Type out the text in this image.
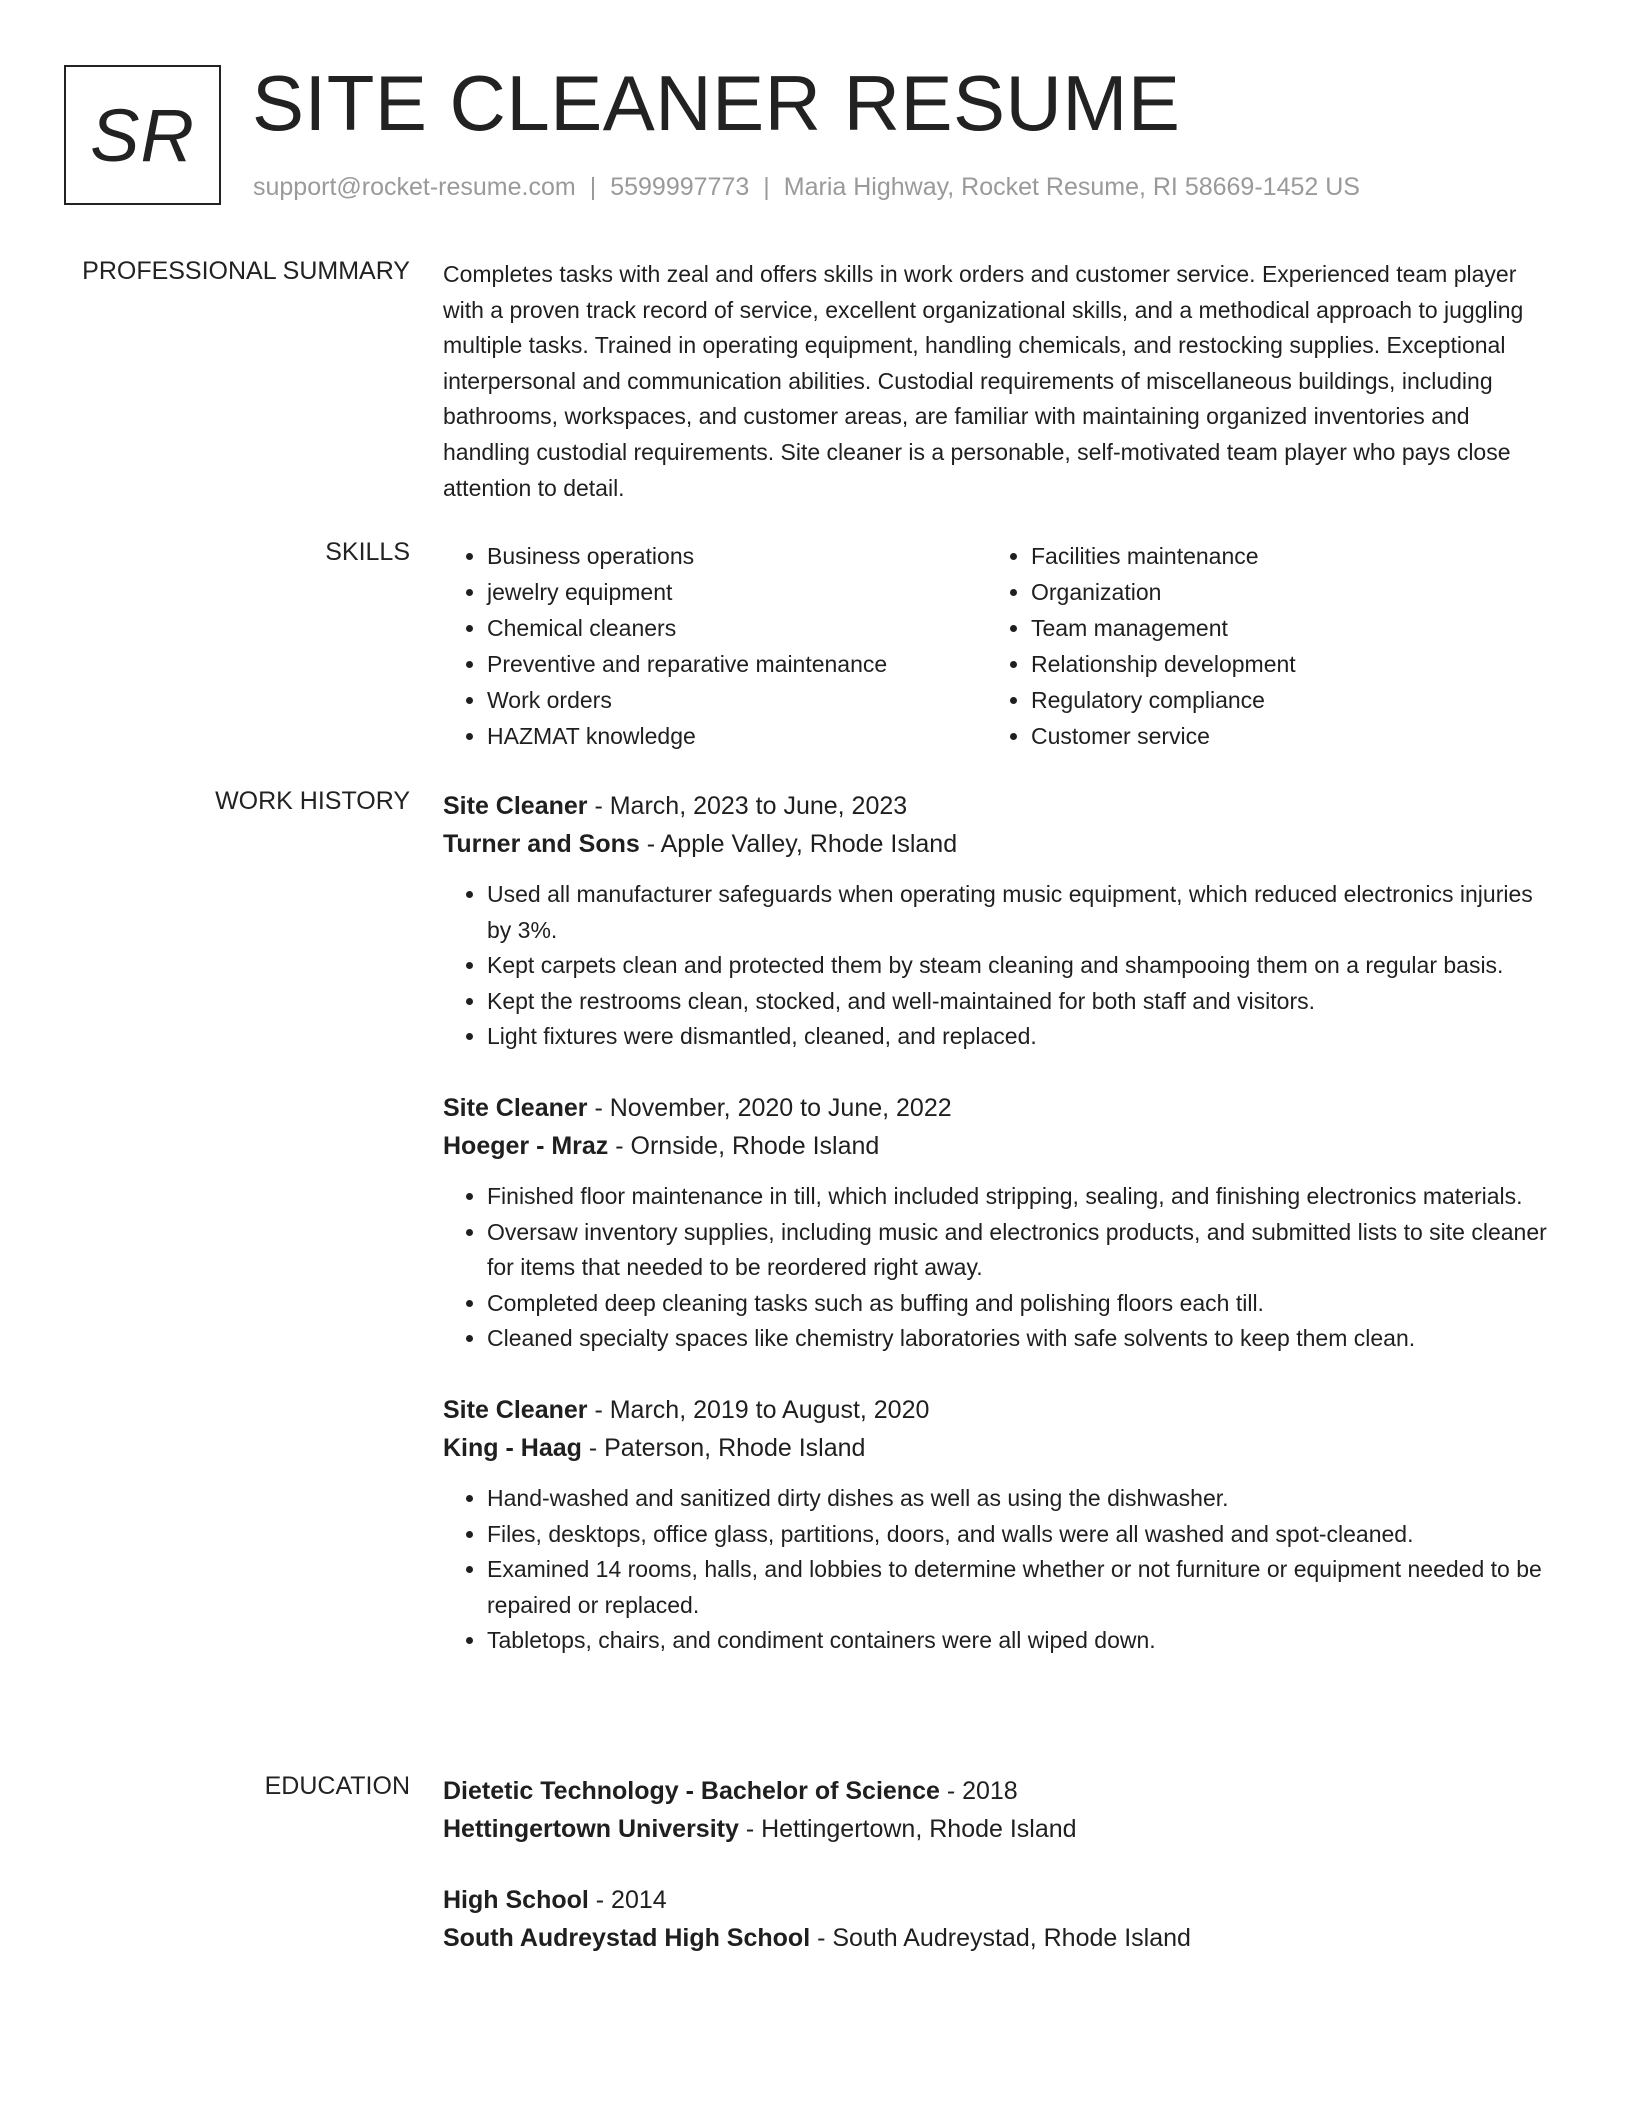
SR SITE CLEANER RESUME
support@rocket-resume.com | 5599997773 | Maria Highway, Rocket Resume, RI 58669-1452 US
PROFESSIONAL SUMMARY Completes tasks with zeal and offers skills in work orders and customer service. Experienced team player with a proven track record of service, excellent organizational skills, and a methodical approach to juggling multiple tasks. Trained in operating equipment, handling chemicals, and restocking supplies. Exceptional interpersonal and communication abilities. Custodial requirements of miscellaneous buildings, including bathrooms, workspaces, and customer areas, are familiar with maintaining organized inventories and handling custodial requirements. Site cleaner is a personable, self-motivated team player who pays close attention to detail.

SKILLS
•	Business operations
• jewelry equipment
• Chemical cleaners
• Preventive and reparative maintenance
• Work orders
• HAZMAT knowledge
• Facilities maintenance
• Organization
• Team management
• Relationship development
• Regulatory compliance
• Customer service
WORK HISTORY Site Cleaner - March, 2023 to June, 2023
Turner and Sons - Apple Valley, Rhode Island
• Used all manufacturer safeguards when operating music equipment, which reduced electronics injuries by 3%.
• Kept carpets clean and protected them by steam cleaning and shampooing them on a regular basis.
• Kept the restrooms clean, stocked, and well-maintained for both staff and visitors.
• Light fixtures were dismantled, cleaned, and replaced.
Site Cleaner - November, 2020 to June, 2022
Hoeger - Mraz - Ornside, Rhode Island
• Finished floor maintenance in till, which included stripping, sealing, and finishing electronics materials.
• Oversaw inventory supplies, including music and electronics products, and submitted lists to site cleaner for items that needed to be reordered right away.
• Completed deep cleaning tasks such as buffing and polishing floors each till.
• Cleaned specialty spaces like chemistry laboratories with safe solvents to keep them clean.
Site Cleaner - March, 2019 to August, 2020
King - Haag - Paterson, Rhode Island
• Hand-washed and sanitized dirty dishes as well as using the dishwasher.
• Files, desktops, office glass, partitions, doors, and walls were all washed and spot-cleaned.
• Examined 14 rooms, halls, and lobbies to determine whether or not furniture or equipment needed to be repaired or replaced.
• Tabletops, chairs, and condiment containers were all wiped down.
EDUCATION Dietetic Technology - Bachelor of Science - 2018
Hettingertown University - Hettingertown, Rhode Island
High School - 2014
South Audreystad High School - South Audreystad, Rhode Island
